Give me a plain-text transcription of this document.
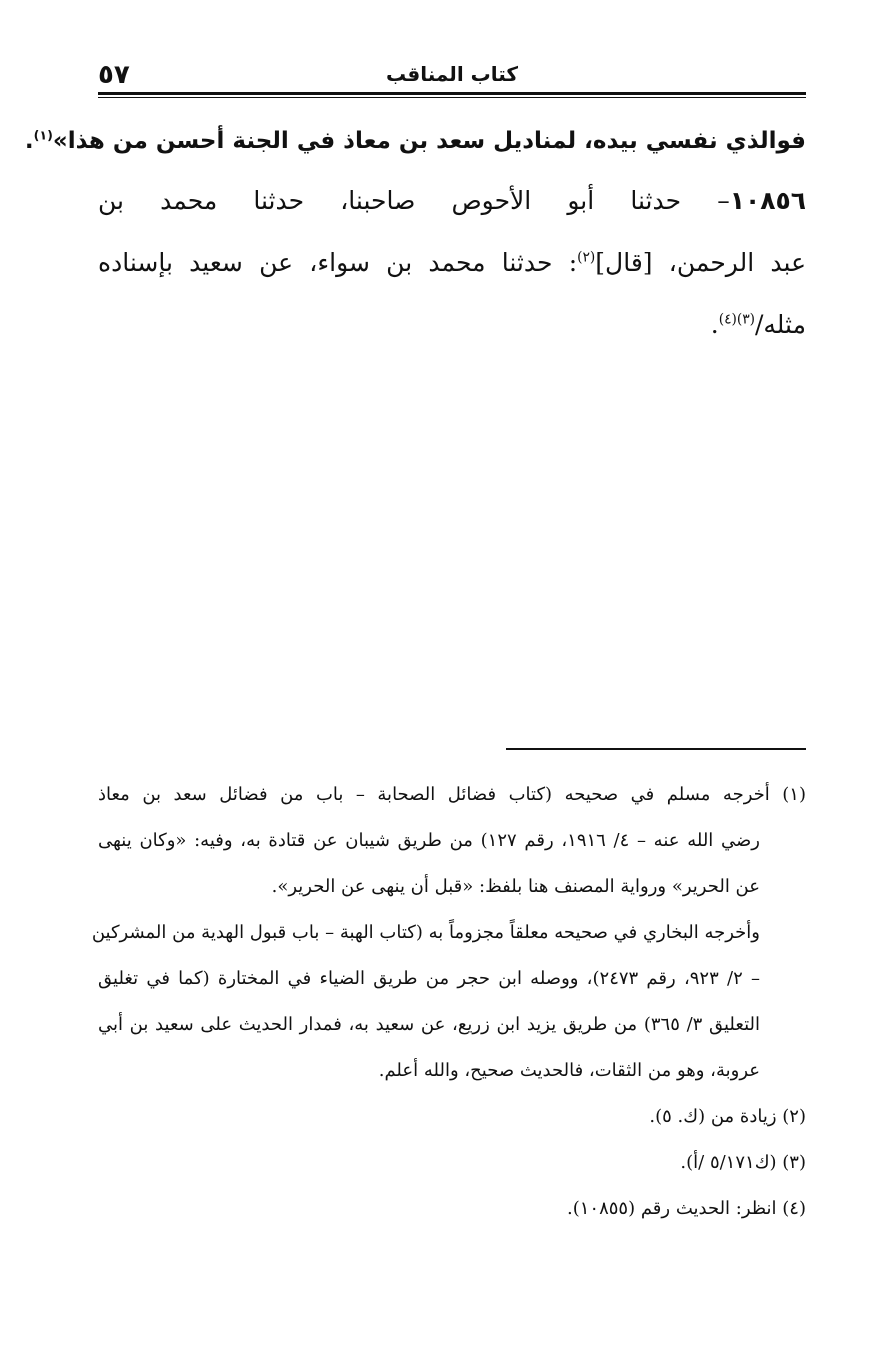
٥٧	كتاب المناقب
فوالذي نفسي بيده، لمناديل سعد بن معاذ في الجنة أحسن من هذا»$^{(١)}$.
١٠٨٥٦– حدثنا أبو الأحوص صاحبنا، حدثنا محمد بن
عبد الرحمن، [قال]$^{(٢)}$: حدثنا محمد بن سواء، عن سعيد بإسناده
مثله/$^{(٣)(٤)}$.
(١) أخرجه مسلم في صحيحه (كتاب فضائل الصحابة – باب من فضائل سعد بن معاذ
رضي الله عنه – ٤/ ١٩١٦، رقم ١٢٧) من طريق شيبان عن قتادة به، وفيه: «وكان ينهى
عن الحرير» ورواية المصنف هنا بلفظ: «قبل أن ينهى عن الحرير».
وأخرجه البخاري في صحيحه معلقاً مجزوماً به (كتاب الهبة – باب قبول الهدية من المشركين
– ٢/ ٩٢٣، رقم ٢٤٧٣)، ووصله ابن حجر من طريق الضياء في المختارة (كما في تغليق
التعليق ٣/ ٣٦٥) من طريق يزيد ابن زريع، عن سعيد به، فمدار الحديث على سعيد بن أبي
عروبة، وهو من الثقات، فالحديث صحيح، والله أعلم.
(٢) زيادة من (ك. ٥).
(٣) (ك٥/١٧١ /أ).
(٤) انظر: الحديث رقم (١٠٨٥٥).
